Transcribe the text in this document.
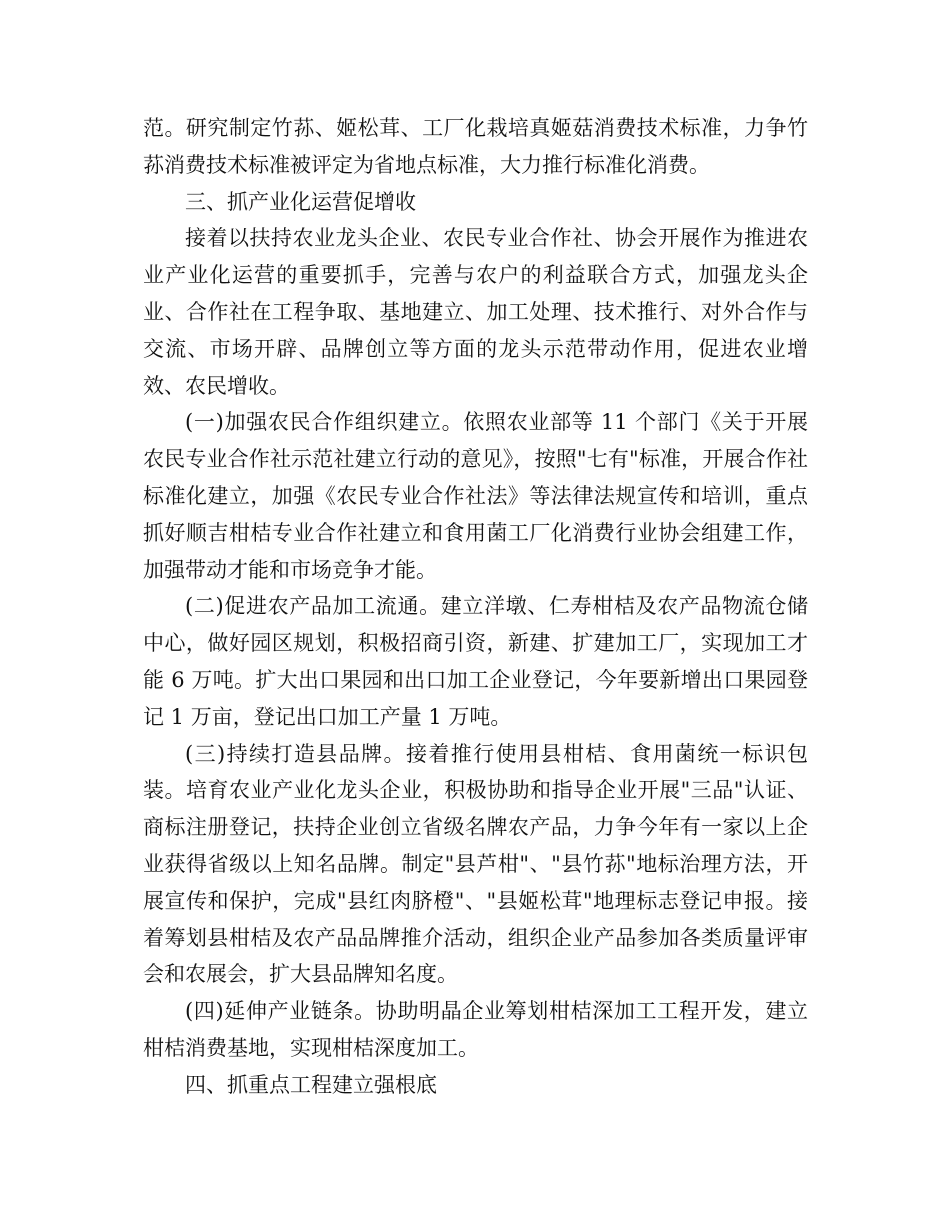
范。研究制定竹荪、姬松茸、工厂化栽培真姬菇消费技术标准，力争竹荪消费技术标准被评定为省地点标准，大力推行标准化消费。

三、抓产业化运营促增收

接着以扶持农业龙头企业、农民专业合作社、协会开展作为推进农业产业化运营的重要抓手，完善与农户的利益联合方式，加强龙头企业、合作社在工程争取、基地建立、加工处理、技术推行、对外合作与交流、市场开辟、品牌创立等方面的龙头示范带动作用，促进农业增效、农民增收。

(一)加强农民合作组织建立。依照农业部等 11 个部门《关于开展农民专业合作社示范社建立行动的意见》，按照"七有"标准，开展合作社标准化建立，加强《农民专业合作社法》等法律法规宣传和培训，重点抓好顺吉柑桔专业合作社建立和食用菌工厂化消费行业协会组建工作，加强带动才能和市场竞争才能。

(二)促进农产品加工流通。建立洋墩、仁寿柑桔及农产品物流仓储中心，做好园区规划，积极招商引资，新建、扩建加工厂，实现加工才能 6 万吨。扩大出口果园和出口加工企业登记，今年要新增出口果园登记 1 万亩，登记出口加工产量 1 万吨。

(三)持续打造县品牌。接着推行使用县柑桔、食用菌统一标识包装。培育农业产业化龙头企业，积极协助和指导企业开展"三品"认证、商标注册登记，扶持企业创立省级名牌农产品，力争今年有一家以上企业获得省级以上知名品牌。制定"县芦柑"、"县竹荪"地标治理方法，开展宣传和保护，完成"县红肉脐橙"、"县姬松茸"地理标志登记申报。接着筹划县柑桔及农产品品牌推介活动，组织企业产品参加各类质量评审会和农展会，扩大县品牌知名度。

(四)延伸产业链条。协助明晶企业筹划柑桔深加工工程开发，建立柑桔消费基地，实现柑桔深度加工。

四、抓重点工程建立强根底
